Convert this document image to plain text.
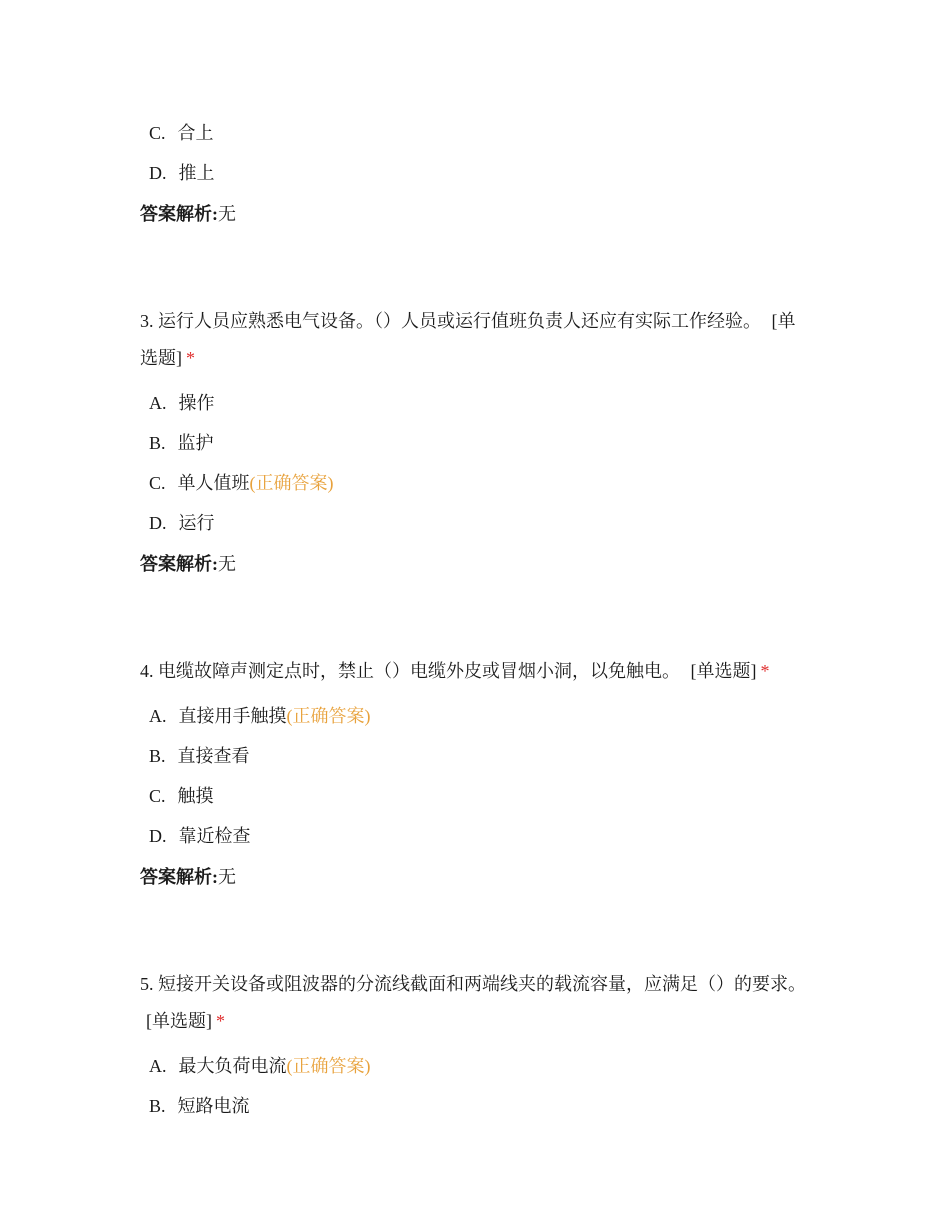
C. 合上
D. 推上
答案解析:无
3. 运行人员应熟悉电气设备。（）人员或运行值班负责人还应有实际工作经验。 [单选题] *
A. 操作
B. 监护
C. 单人值班(正确答案)
D. 运行
答案解析:无
4. 电缆故障声测定点时，禁止（）电缆外皮或冒烟小洞，以免触电。 [单选题] *
A. 直接用手触摸(正确答案)
B. 直接查看
C. 触摸
D. 靠近检查
答案解析:无
5. 短接开关设备或阻波器的分流线截面和两端线夹的载流容量，应满足（）的要求。 [单选题] *
A. 最大负荷电流(正确答案)
B. 短路电流
